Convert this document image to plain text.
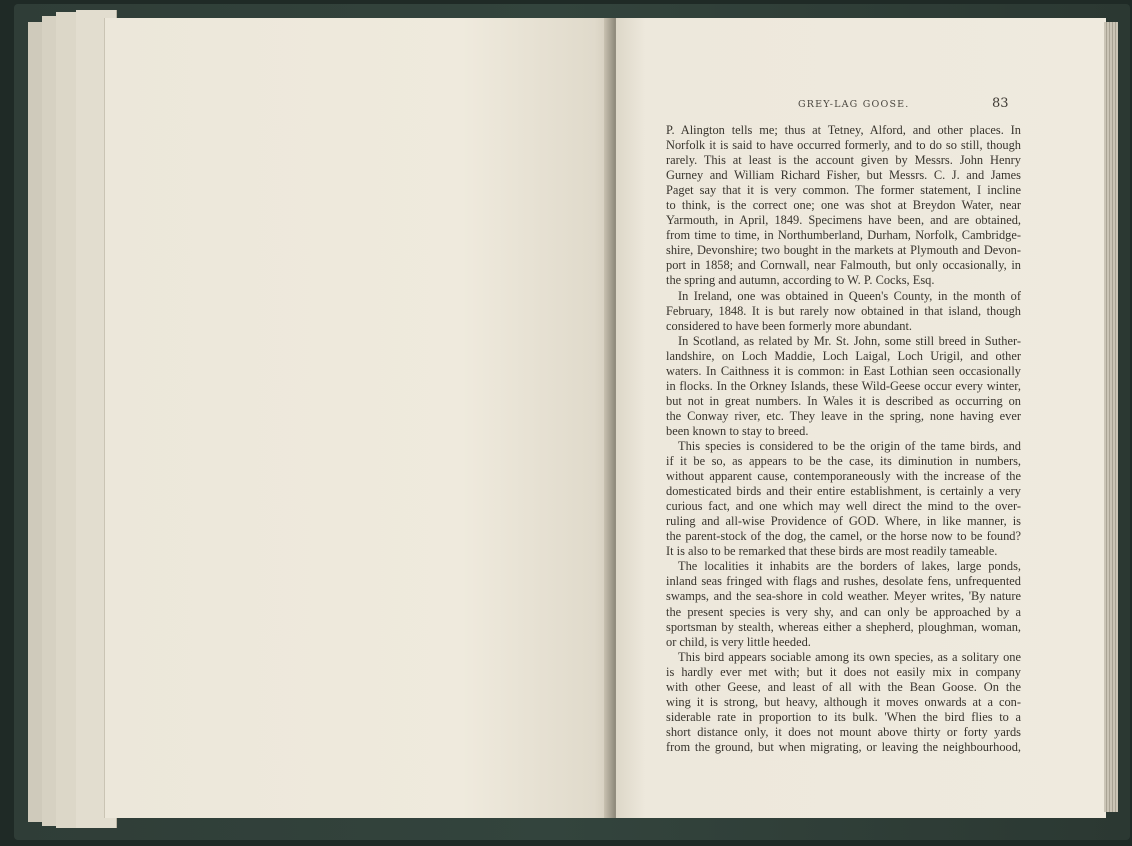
GREY-LAG GOOSE.	83
P. Alington tells me; thus at Tetney, Alford, and other places. In
Norfolk it is said to have occurred formerly, and to do so still, though
rarely. This at least is the account given by Messrs. John Henry
Gurney and William Richard Fisher, but Messrs. C. J. and James
Paget say that it is very common. The former statement, I incline
to think, is the correct one; one was shot at Breydon Water, near
Yarmouth, in April, 1849. Specimens have been, and are obtained,
from time to time, in Northumberland, Durham, Norfolk, Cambridge-
shire, Devonshire; two bought in the markets at Plymouth and Devon-
port in 1858; and Cornwall, near Falmouth, but only occasionally, in
the spring and autumn, according to W. P. Cocks, Esq.
In Ireland, one was obtained in Queen's County, in the month of
February, 1848. It is but rarely now obtained in that island, though
considered to have been formerly more abundant.
In Scotland, as related by Mr. St. John, some still breed in Suther-
landshire, on Loch Maddie, Loch Laigal, Loch Urigil, and other
waters. In Caithness it is common: in East Lothian seen occasionally
in flocks. In the Orkney Islands, these Wild-Geese occur every winter,
but not in great numbers. In Wales it is described as occurring on
the Conway river, etc. They leave in the spring, none having ever
been known to stay to breed.
This species is considered to be the origin of the tame birds, and
if it be so, as appears to be the case, its diminution in numbers,
without apparent cause, contemporaneously with the increase of the
domesticated birds and their entire establishment, is certainly a very
curious fact, and one which may well direct the mind to the over-
ruling and all-wise Providence of GOD. Where, in like manner, is
the parent-stock of the dog, the camel, or the horse now to be found?
It is also to be remarked that these birds are most readily tameable.
The localities it inhabits are the borders of lakes, large ponds,
inland seas fringed with flags and rushes, desolate fens, unfrequented
swamps, and the sea-shore in cold weather. Meyer writes, 'By nature
the present species is very shy, and can only be approached by a
sportsman by stealth, whereas either a shepherd, ploughman, woman,
or child, is very little heeded.
This bird appears sociable among its own species, as a solitary one
is hardly ever met with; but it does not easily mix in company
with other Geese, and least of all with the Bean Goose. On the
wing it is strong, but heavy, although it moves onwards at a con-
siderable rate in proportion to its bulk. 'When the bird flies to a
short distance only, it does not mount above thirty or forty yards
from the ground, but when migrating, or leaving the neighbourhood,
